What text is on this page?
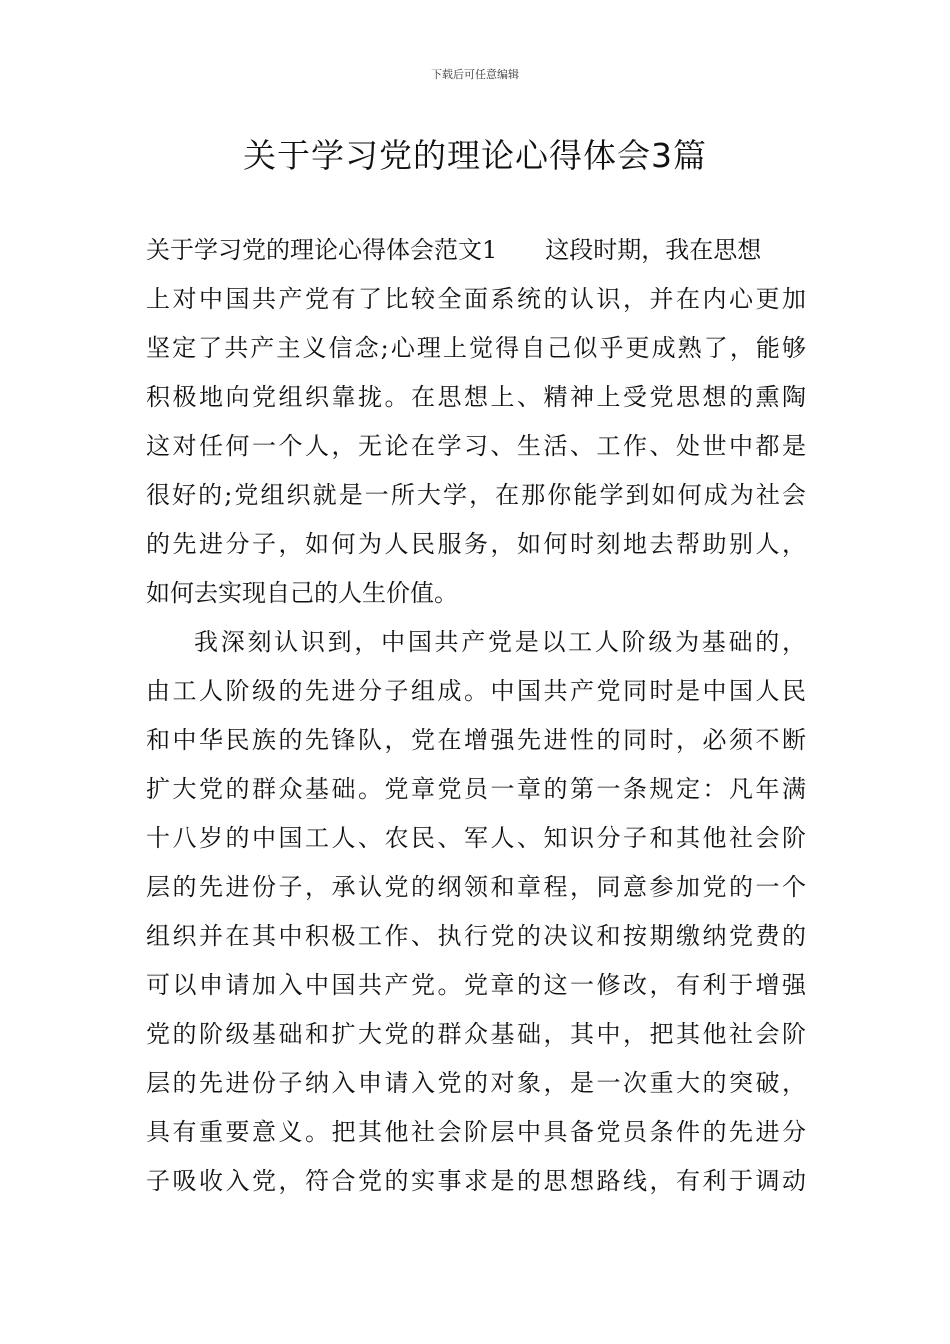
下载后可任意编辑
关于学习党的理论心得体会3篇
关于学习党的理论心得体会范文1 这段时期，我在思想
上对中国共产党有了比较全面系统的认识，并在内心更加
坚定了共产主义信念;心理上觉得自己似乎更成熟了，能够
积极地向党组织靠拢。在思想上、精神上受党思想的熏陶
这对任何一个人，无论在学习、生活、工作、处世中都是
很好的;党组织就是一所大学，在那你能学到如何成为社会
的先进分子，如何为人民服务，如何时刻地去帮助别人，
如何去实现自己的人生价值。
我深刻认识到，中国共产党是以工人阶级为基础的，
由工人阶级的先进分子组成。中国共产党同时是中国人民
和中华民族的先锋队，党在增强先进性的同时，必须不断
扩大党的群众基础。党章党员一章的第一条规定：凡年满
十八岁的中国工人、农民、军人、知识分子和其他社会阶
层的先进份子，承认党的纲领和章程，同意参加党的一个
组织并在其中积极工作、执行党的决议和按期缴纳党费的
可以申请加入中国共产党。党章的这一修改，有利于增强
党的阶级基础和扩大党的群众基础，其中，把其他社会阶
层的先进份子纳入申请入党的对象，是一次重大的突破，
具有重要意义。把其他社会阶层中具备党员条件的先进分
子吸收入党，符合党的实事求是的思想路线，有利于调动
